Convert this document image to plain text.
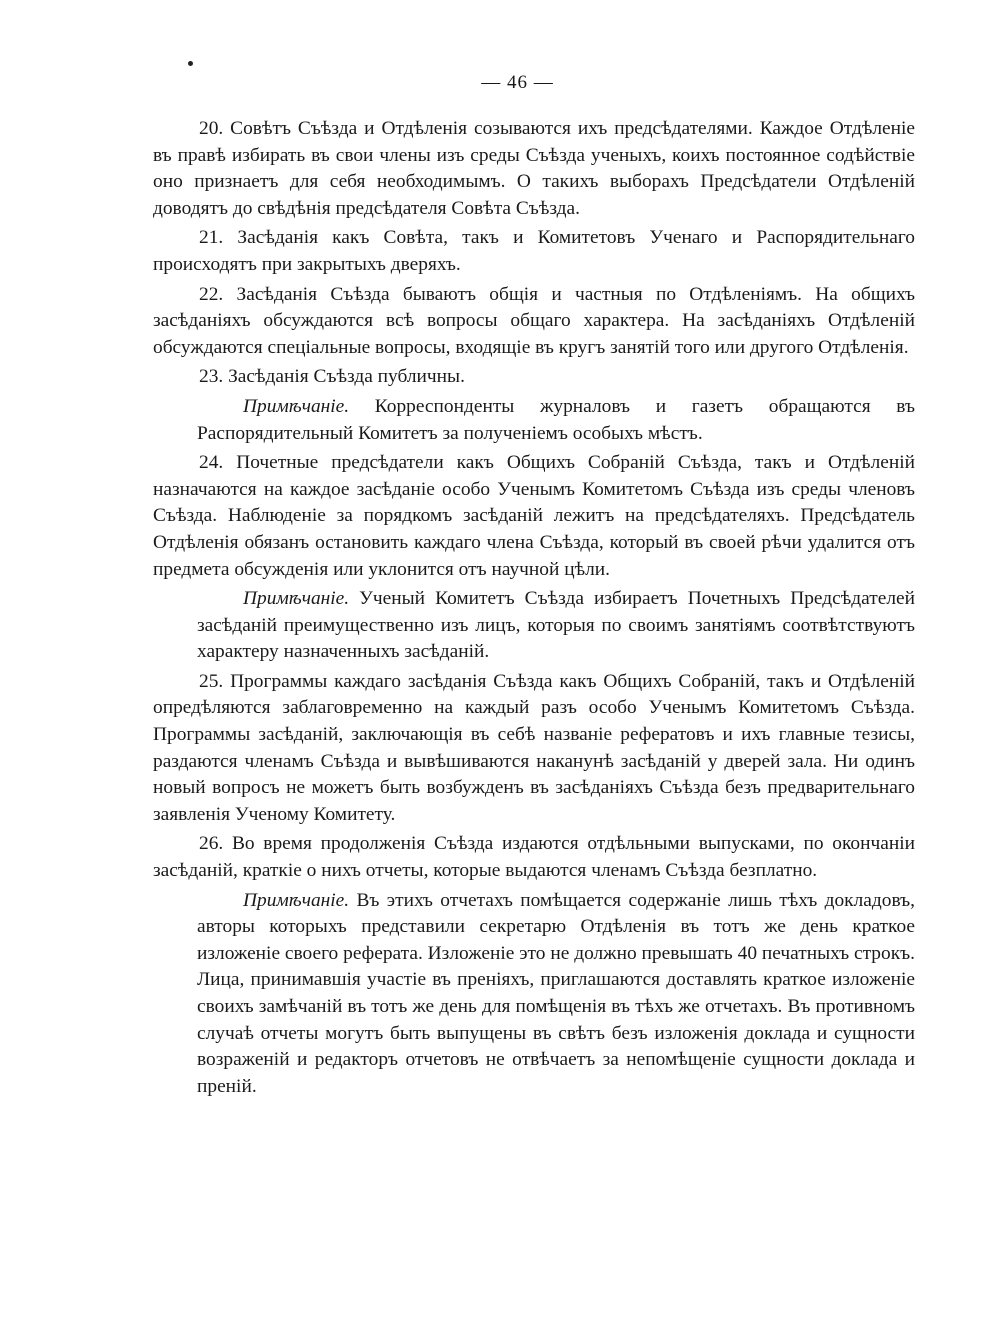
— 46 —

20. Совѣтъ Съѣзда и Отдѣленія созываются ихъ предсѣдателями. Каждое Отдѣленіе въ правѣ избирать въ свои члены изъ среды Съѣзда ученыхъ, коихъ постоянное содѣйствіе оно признаетъ для себя необходимымъ. О такихъ выборахъ Предсѣдатели Отдѣленій доводятъ до свѣдѣнія предсѣдателя Совѣта Съѣзда.

21. Засѣданія какъ Совѣта, такъ и Комитетовъ Ученаго и Распорядительнаго происходятъ при закрытыхъ дверяхъ.

22. Засѣданія Съѣзда бываютъ общія и частныя по Отдѣленіямъ. На общихъ засѣданіяхъ обсуждаются всѣ вопросы общаго характера. На засѣданіяхъ Отдѣленій обсуждаются спеціальные вопросы, входящіе въ кругъ занятій того или другого Отдѣленія.

23. Засѣданія Съѣзда публичны.

Примѣчаніе. Корреспонденты журналовъ и газетъ обращаются въ Распорядительный Комитетъ за полученіемъ особыхъ мѣстъ.

24. Почетные предсѣдатели какъ Общихъ Собраній Съѣзда, такъ и Отдѣленій назначаются на каждое засѣданіе особо Ученымъ Комитетомъ Съѣзда изъ среды членовъ Съѣзда. Наблюденіе за порядкомъ засѣданій лежитъ на предсѣдателяхъ. Предсѣдатель Отдѣленія обязанъ остановить каждаго члена Съѣзда, который въ своей рѣчи удалится отъ предмета обсужденія или уклонится отъ научной цѣли.

Примѣчаніе. Ученый Комитетъ Съѣзда избираетъ Почетныхъ Предсѣдателей засѣданій преимущественно изъ лицъ, которыя по своимъ занятіямъ соотвѣтствуютъ характеру назначенныхъ засѣданій.

25. Программы каждаго засѣданія Съѣзда какъ Общихъ Собраній, такъ и Отдѣленій опредѣляются заблаговременно на каждый разъ особо Ученымъ Комитетомъ Съѣзда. Программы засѣданій, заключающія въ себѣ названіе рефератовъ и ихъ главные тезисы, раздаются членамъ Съѣзда и вывѣшиваются наканунѣ засѣданій у дверей зала. Ни одинъ новый вопросъ не можетъ быть возбужденъ въ засѣданіяхъ Съѣзда безъ предварительнаго заявленія Ученому Комитету.

26. Во время продолженія Съѣзда издаются отдѣльными выпусками, по окончаніи засѣданій, краткіе о нихъ отчеты, которые выдаются членамъ Съѣзда безплатно.

Примѣчаніе. Въ этихъ отчетахъ помѣщается содержаніе лишь тѣхъ докладовъ, авторы которыхъ представили секретарю Отдѣленія въ тотъ же день краткое изложеніе своего реферата. Изложеніе это не должно превышать 40 печатныхъ строкъ. Лица, принимавшія участіе въ преніяхъ, приглашаются доставлять краткое изложеніе своихъ замѣчаній въ тотъ же день для помѣщенія въ тѣхъ же отчетахъ. Въ противномъ случаѣ отчеты могутъ быть выпущены въ свѣтъ безъ изложенія доклада и сущности возраженій и редакторъ отчетовъ не отвѣчаетъ за непомѣщеніе сущности доклада и преній.
